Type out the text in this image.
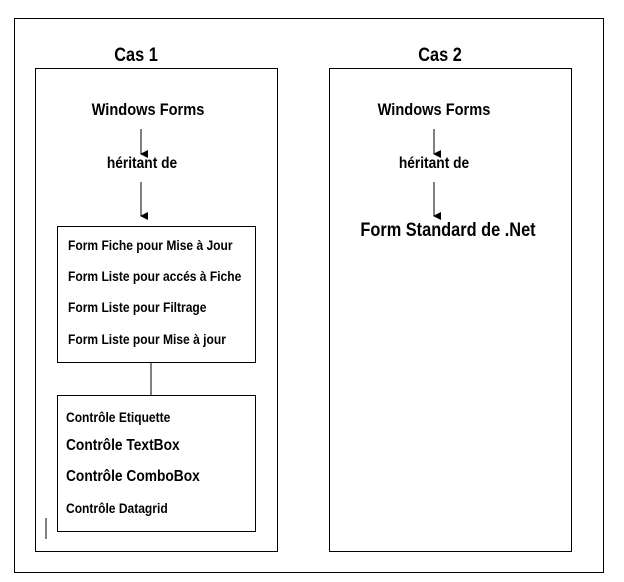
Cas 1	Cas 2
Windows Forms
héritant de
Form Fiche pour Mise à Jour
Form Liste pour accés à Fiche
Form Liste pour Filtrage
Form Liste pour Mise à jour
Contrôle Etiquette
Contrôle TextBox
Contrôle ComboBox
Contrôle Datagrid
Windows Forms
héritant de
Form Standard de .Net
